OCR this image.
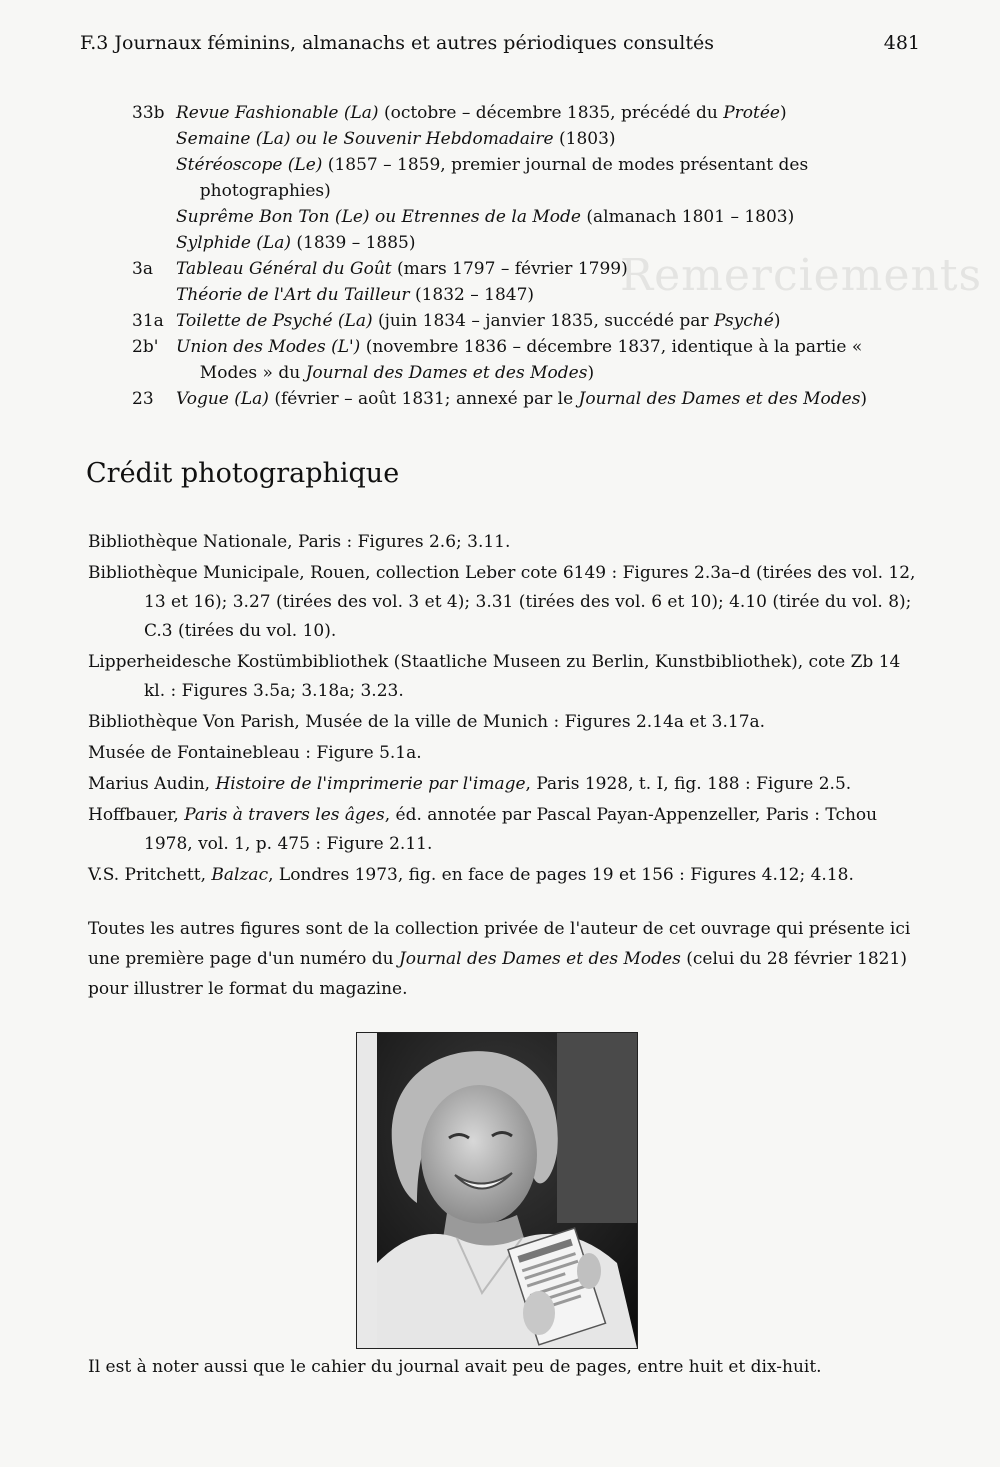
Remerciements
F.3 Journaux féminins, almanachs et autres périodiques consultés	481
33b Revue Fashionable (La) (octobre – décembre 1835, précédé du Protée)
Semaine (La) ou le Souvenir Hebdomadaire (1803)
Stéréoscope (Le) (1857 – 1859, premier journal de modes présentant des photographies)
Suprême Bon Ton (Le) ou Etrennes de la Mode (almanach 1801 – 1803)
Sylphide (La) (1839 – 1885)
3a	Tableau Général du Goût (mars 1797 – février 1799)
Théorie de l'Art du Tailleur (1832 – 1847)
31a Toilette de Psyché (La) (juin 1834 – janvier 1835, succédé par Psyché)
2b'	Union des Modes (L') (novembre 1836 – décembre 1837, identique à la partie « Modes » du Journal des Dames et des Modes)
23	Vogue (La) (février – août 1831; annexé par le Journal des Dames et des Modes)
Crédit photographique

Bibliothèque Nationale, Paris : Figures 2.6; 3.11.

Bibliothèque Municipale, Rouen, collection Leber cote 6149 : Figures 2.3a–d (tirées des vol. 12, 13 et 16); 3.27 (tirées des vol. 3 et 4); 3.31 (tirées des vol. 6 et 10); 4.10 (tirée du vol. 8); C.3 (tirées du vol. 10).

Lipperheidesche Kostümbibliothek (Staatliche Museen zu Berlin, Kunstbibliothek), cote Zb 14 kl. : Figures 3.5a; 3.18a; 3.23.

Bibliothèque Von Parish, Musée de la ville de Munich : Figures 2.14a et 3.17a.

Musée de Fontainebleau : Figure 5.1a.

Marius Audin, Histoire de l'imprimerie par l'image, Paris 1928, t. I, fig. 188 : Figure 2.5.

Hoffbauer, Paris à travers les âges, éd. annotée par Pascal Payan-Appenzeller, Paris : Tchou 1978, vol. 1, p. 475 : Figure 2.11.

V.S. Pritchett, Balzac, Londres 1973, fig. en face de pages 19 et 156 : Figures 4.12; 4.18.

Toutes les autres figures sont de la collection privée de l'auteur de cet ouvrage qui présente ici une première page d'un numéro du Journal des Dames et des Modes (celui du 28 février 1821) pour illustrer le format du magazine.

Il est à noter aussi que le cahier du journal avait peu de pages, entre huit et dix-huit.
